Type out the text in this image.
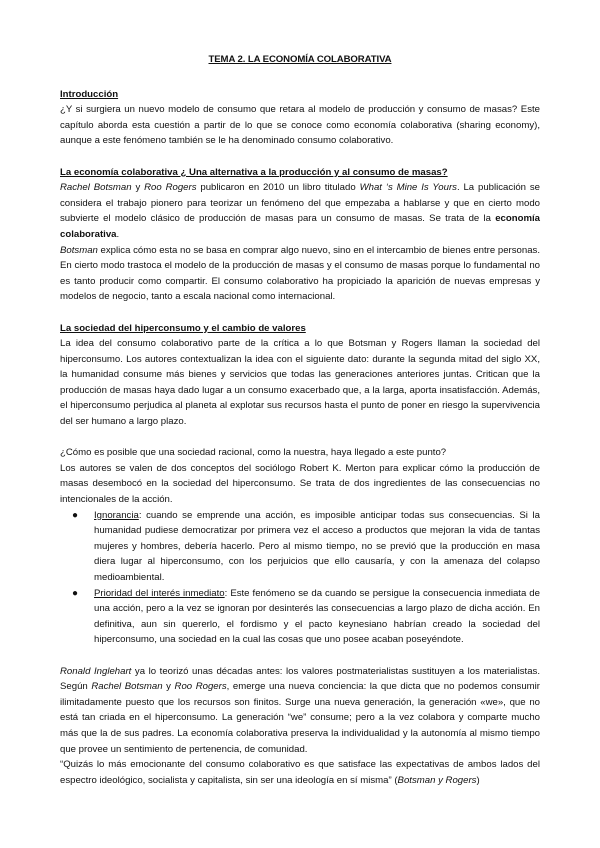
TEMA 2. LA ECONOMÍA COLABORATIVA
Introducción

¿Y si surgiera un nuevo modelo de consumo que retara al modelo de producción y consumo de masas? Este capítulo aborda esta cuestión a partir de lo que se conoce como economía colaborativa (sharing economy), aunque a este fenómeno también se le ha denominado consumo colaborativo.

La economía colaborativa ¿ Una alternativa a la producción y al consumo de masas?

Rachel Botsman y Roo Rogers publicaron en 2010 un libro titulado What ‘s Mine Is Yours. La publicación se considera el trabajo pionero para teorizar un fenómeno del que empezaba a hablarse y que en cierto modo subvierte el modelo clásico de producción de masas para un consumo de masas. Se trata de la economía colaborativa.

Botsman explica cómo esta no se basa en comprar algo nuevo, sino en el intercambio de bienes entre personas. En cierto modo trastoca el modelo de la producción de masas y el consumo de masas porque lo fundamental no es tanto producir como compartir. El consumo colaborativo ha propiciado la aparición de nuevas empresas y modelos de negocio, tanto a escala nacional como internacional.

La sociedad del hiperconsumo y el cambio de valores

La idea del consumo colaborativo parte de la crítica a lo que Botsman y Rogers llaman la sociedad del hiperconsumo. Los autores contextualizan la idea con el siguiente dato: durante la segunda mitad del siglo XX, la humanidad consume más bienes y servicios que todas las generaciones anteriores juntas. Critican que la producción de masas haya dado lugar a un consumo exacerbado que, a la larga, aporta insatisfacción. Además, el hiperconsumo perjudica al planeta al explotar sus recursos hasta el punto de poner en riesgo la supervivencia del ser humano a largo plazo.

¿Cómo es posible que una sociedad racional, como la nuestra, haya llegado a este punto?

Los autores se valen de dos conceptos del sociólogo Robert K. Merton para explicar cómo la producción de masas desembocó en la sociedad del hiperconsumo. Se trata de dos ingredientes de las consecuencias no intencionales de la acción.

● Ignorancia: cuando se emprende una acción, es imposible anticipar todas sus consecuencias. Si la humanidad pudiese democratizar por primera vez el acceso a productos que mejoran la vida de tantas mujeres y hombres, debería hacerlo. Pero al mismo tiempo, no se previó que la producción en masa diera lugar al hiperconsumo, con los perjuicios que ello causaría, y con la amenaza del colapso medioambiental.
● Prioridad del interés inmediato: Este fenómeno se da cuando se persigue la consecuencia inmediata de una acción, pero a la vez se ignoran por desinterés las consecuencias a largo plazo de dicha acción. En definitiva, aun sin quererlo, el fordismo y el pacto keynesiano habrían creado la sociedad del hiperconsumo, una sociedad en la cual las cosas que uno posee acaban poseyéndote.

Ronald Inglehart ya lo teorizó unas décadas antes: los valores postmaterialistas sustituyen a los materialistas. Según Rachel Botsman y Roo Rogers, emerge una nueva conciencia: la que dicta que no podemos consumir ilimitadamente puesto que los recursos son finitos. Surge una nueva generación, la generación «we», que no está tan criada en el hiperconsumo. La generación “we” consume; pero a la vez colabora y comparte mucho más que la de sus padres. La economía colaborativa preserva la individualidad y la autonomía al mismo tiempo que provee un sentimiento de pertenencia, de comunidad.

“Quizás lo más emocionante del consumo colaborativo es que satisface las expectativas de ambos lados del espectro ideológico, socialista y capitalista, sin ser una ideología en sí misma” (Botsman y Rogers)
